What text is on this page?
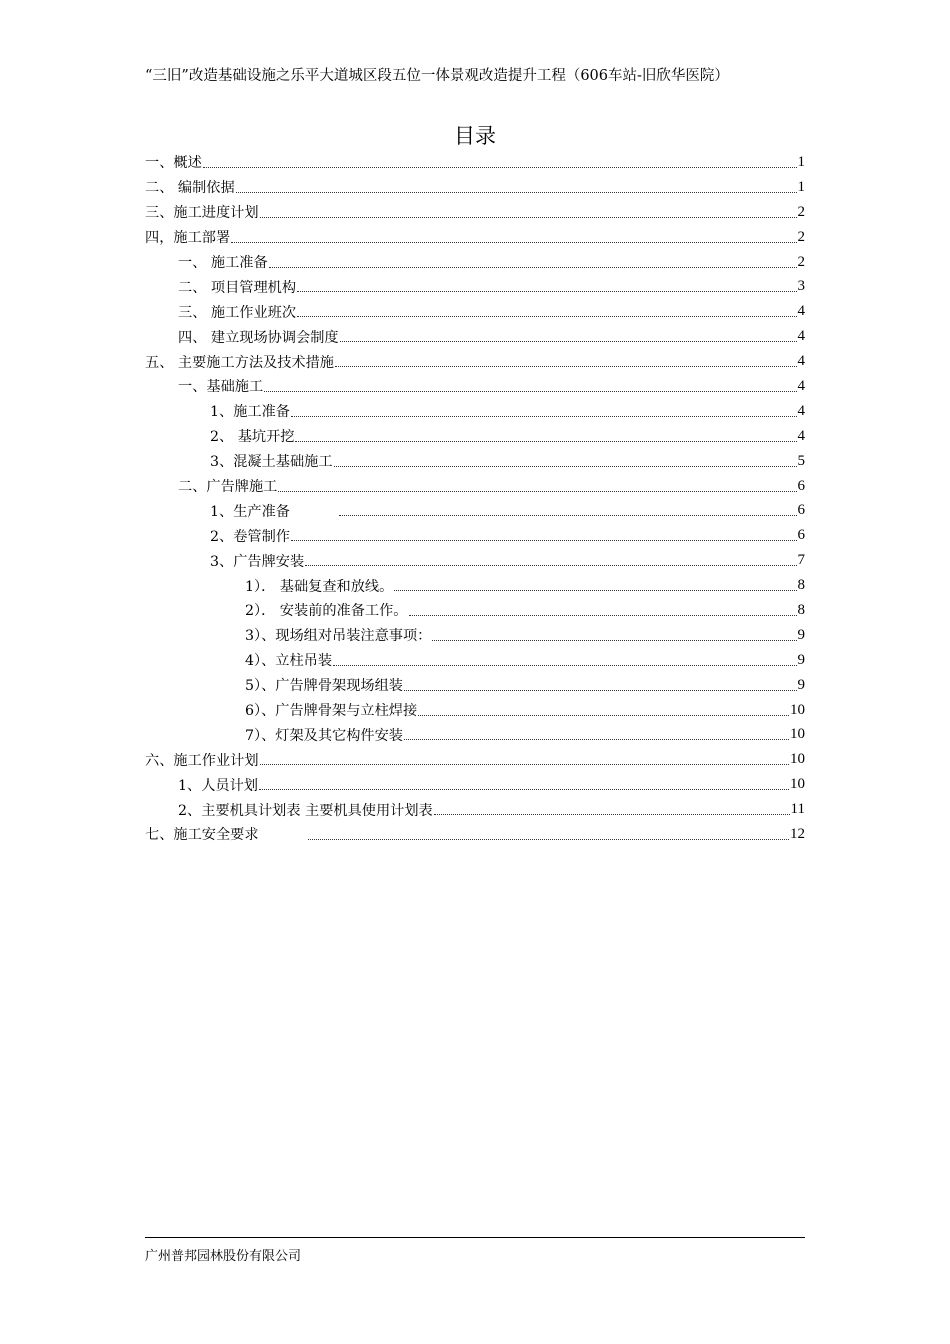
“三旧”改造基础设施之乐平大道城区段五位一体景观改造提升工程（606车站-旧欣华医院）
目录
一、概述	1
二、 编制依据	1
三、施工进度计划	2
四，施工部署	2
一、 施工准备	2
二、 项目管理机构	3
三、 施工作业班次	4
四、 建立现场协调会制度	4
五、 主要施工方法及技术措施	4
一、基础施工	4
1、施工准备	4
2、 基坑开挖	4
3、混凝土基础施工	5
二、广告牌施工	6
1、生产准备	6
2、卷管制作	6
3、广告牌安装	7
1）． 基础复查和放线。	8
2）． 安装前的准备工作。	8
3）、现场组对吊装注意事项：	9
4）、立柱吊装	9
5）、广告牌骨架现场组装	9
6）、广告牌骨架与立柱焊接	10
7）、灯架及其它构件安装	10
六、施工作业计划	10
1、人员计划	10
2、主要机具计划表 主要机具使用计划表	11
七、施工安全要求	12
广州普邦园林股份有限公司
